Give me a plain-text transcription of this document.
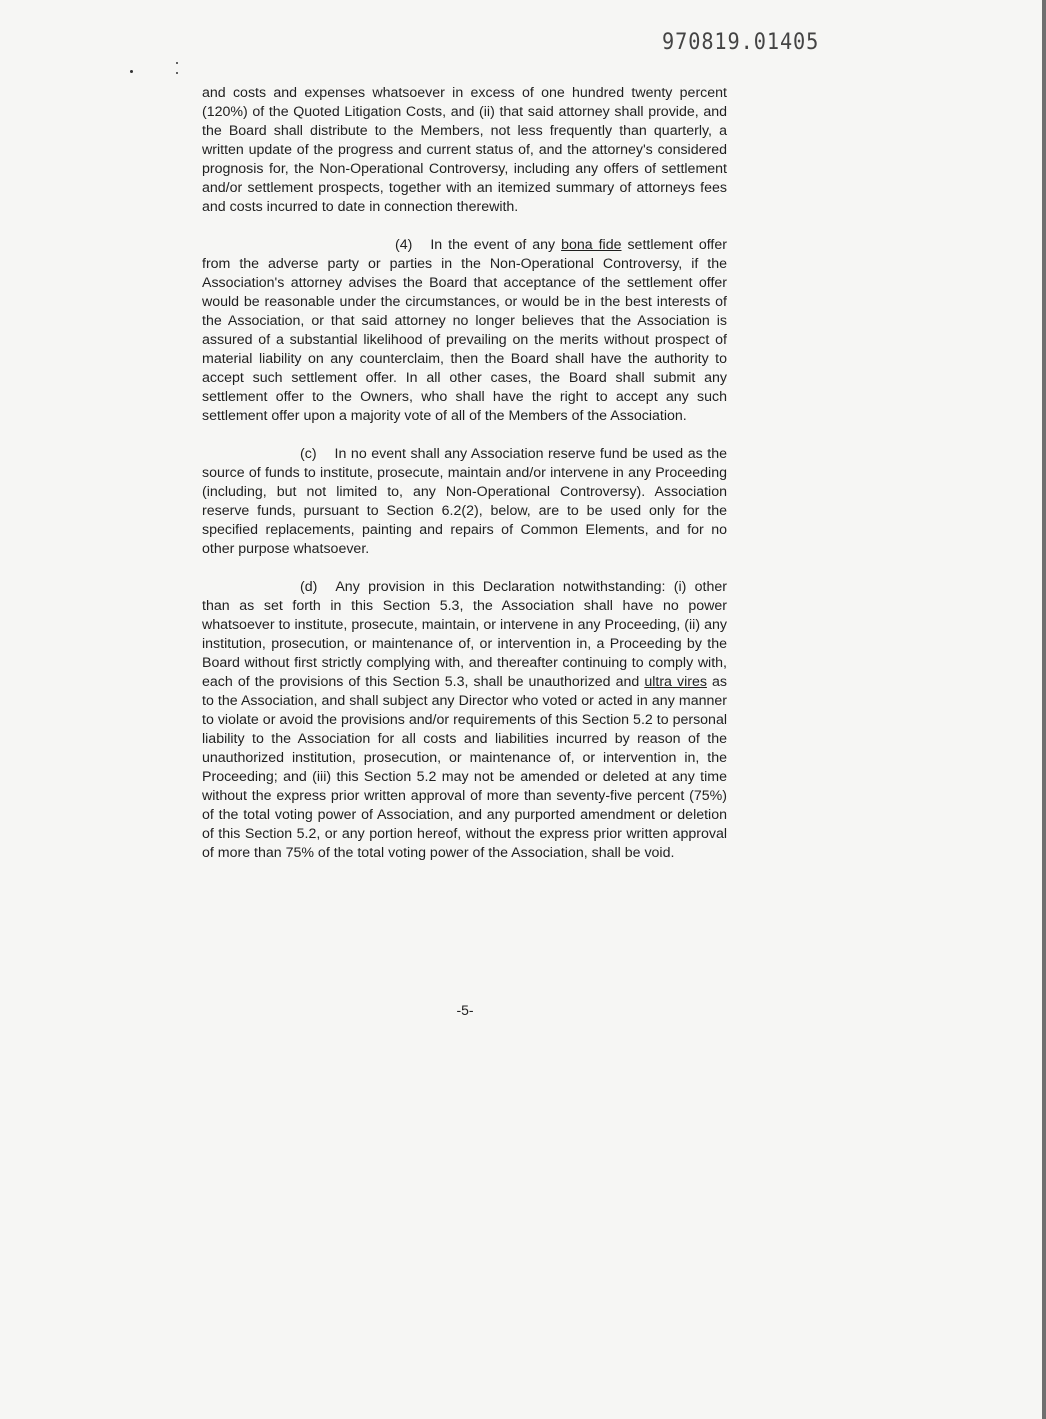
970819.01405

and costs and expenses whatsoever in excess of one hundred twenty percent (120%) of the Quoted Litigation Costs, and (ii) that said attorney shall provide, and the Board shall distribute to the Members, not less frequently than quarterly, a written update of the progress and current status of, and the attorney's considered prognosis for, the Non-Operational Controversy, including any offers of settlement and/or settlement prospects, together with an itemized summary of attorneys fees and costs incurred to date in connection therewith.

(4) In the event of any bona fide settlement offer from the adverse party or parties in the Non-Operational Controversy, if the Association's attorney advises the Board that acceptance of the settlement offer would be reasonable under the circumstances, or would be in the best interests of the Association, or that said attorney no longer believes that the Association is assured of a substantial likelihood of prevailing on the merits without prospect of material liability on any counterclaim, then the Board shall have the authority to accept such settlement offer. In all other cases, the Board shall submit any settlement offer to the Owners, who shall have the right to accept any such settlement offer upon a majority vote of all of the Members of the Association.

(c) In no event shall any Association reserve fund be used as the source of funds to institute, prosecute, maintain and/or intervene in any Proceeding (including, but not limited to, any Non-Operational Controversy). Association reserve funds, pursuant to Section 6.2(2), below, are to be used only for the specified replacements, painting and repairs of Common Elements, and for no other purpose whatsoever.

(d) Any provision in this Declaration notwithstanding: (i) other than as set forth in this Section 5.3, the Association shall have no power whatsoever to institute, prosecute, maintain, or intervene in any Proceeding, (ii) any institution, prosecution, or maintenance of, or intervention in, a Proceeding by the Board without first strictly complying with, and thereafter continuing to comply with, each of the provisions of this Section 5.3, shall be unauthorized and ultra vires as to the Association, and shall subject any Director who voted or acted in any manner to violate or avoid the provisions and/or requirements of this Section 5.2 to personal liability to the Association for all costs and liabilities incurred by reason of the unauthorized institution, prosecution, or maintenance of, or intervention in, the Proceeding; and (iii) this Section 5.2 may not be amended or deleted at any time without the express prior written approval of more than seventy-five percent (75%) of the total voting power of Association, and any purported amendment or deletion of this Section 5.2, or any portion hereof, without the express prior written approval of more than 75% of the total voting power of the Association, shall be void.

-5-
